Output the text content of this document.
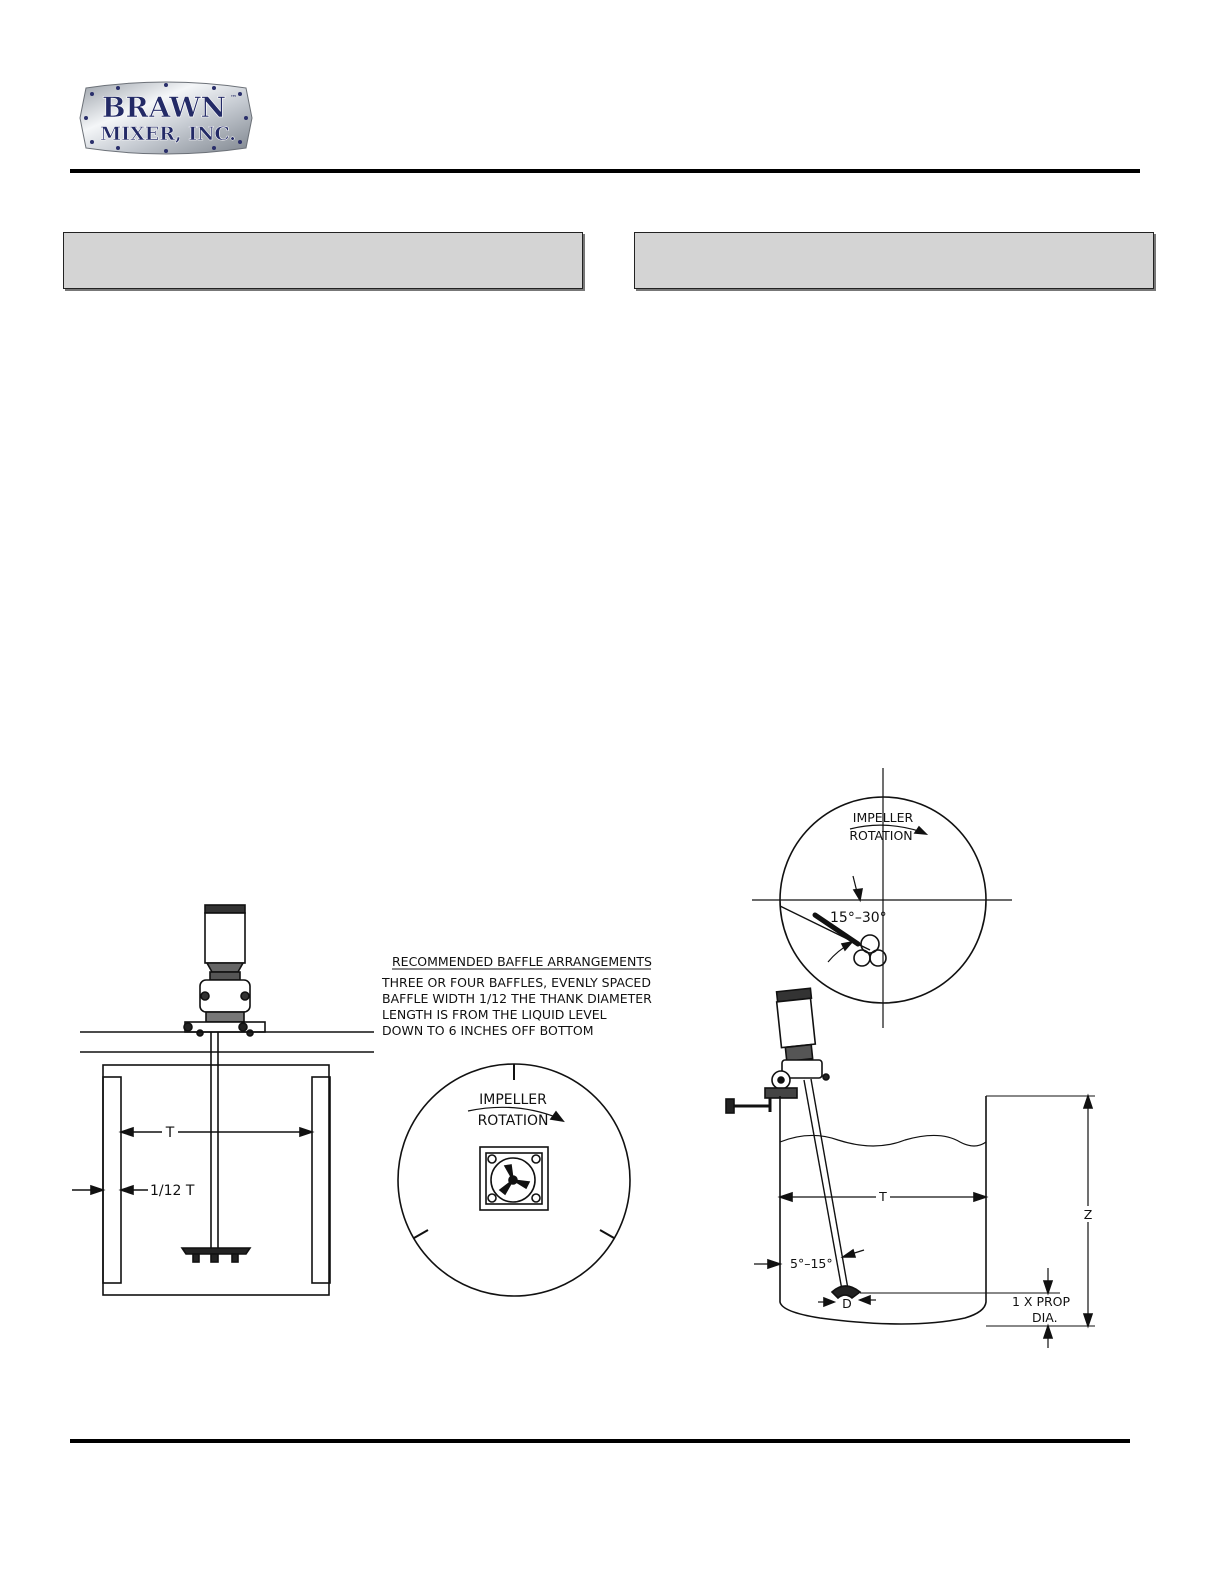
BRAWN ™
MIXER, INC.
T
1/12 T
RECOMMENDED BAFFLE ARRANGEMENTS
THREE OR FOUR BAFFLES, EVENLY SPACED
BAFFLE WIDTH 1/12 THE THANK DIAMETER
LENGTH IS FROM THE LIQUID LEVEL
DOWN TO 6 INCHES OFF BOTTOM
IMPELLER
ROTATION
IMPELLER
ROTATION
15°–30°
T
5°–15°
D
Z
1 X PROP
DIA.
